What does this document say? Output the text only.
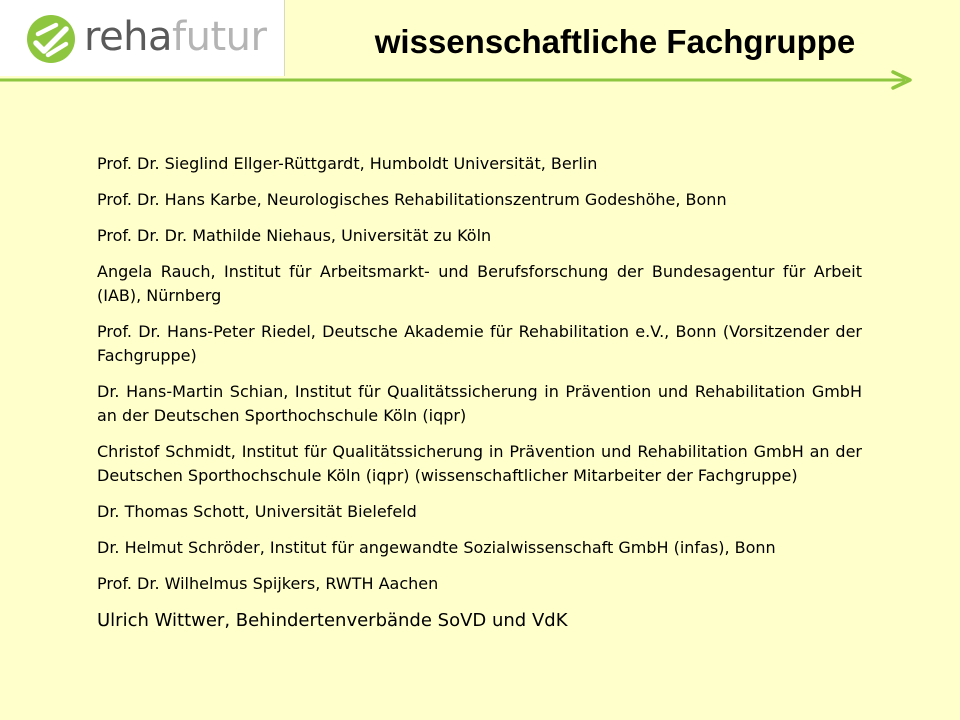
rehafutur	wissenschaftliche Fachgruppe
Prof. Dr. Sieglind Ellger-Rüttgardt, Humboldt Universität, Berlin
Prof. Dr. Hans Karbe, Neurologisches Rehabilitationszentrum Godeshöhe, Bonn
Prof. Dr. Dr. Mathilde Niehaus, Universität zu Köln
Angela Rauch, Institut für Arbeitsmarkt- und Berufsforschung der Bundesagentur für Arbeit (IAB), Nürnberg
Prof. Dr. Hans-Peter Riedel, Deutsche Akademie für Rehabilitation e.V., Bonn (Vorsitzender der Fachgruppe)
Dr. Hans-Martin Schian, Institut für Qualitätssicherung in Prävention und Rehabilitation GmbH an der Deutschen Sporthochschule Köln (iqpr)
Christof Schmidt, Institut für Qualitätssicherung in Prävention und Rehabilitation GmbH an der Deutschen Sporthochschule Köln (iqpr) (wissenschaftlicher Mitarbeiter der Fachgruppe)
Dr. Thomas Schott, Universität Bielefeld
Dr. Helmut Schröder, Institut für angewandte Sozialwissenschaft GmbH (infas), Bonn
Prof. Dr. Wilhelmus Spijkers, RWTH Aachen
Ulrich Wittwer, Behindertenverbände SoVD und VdK
